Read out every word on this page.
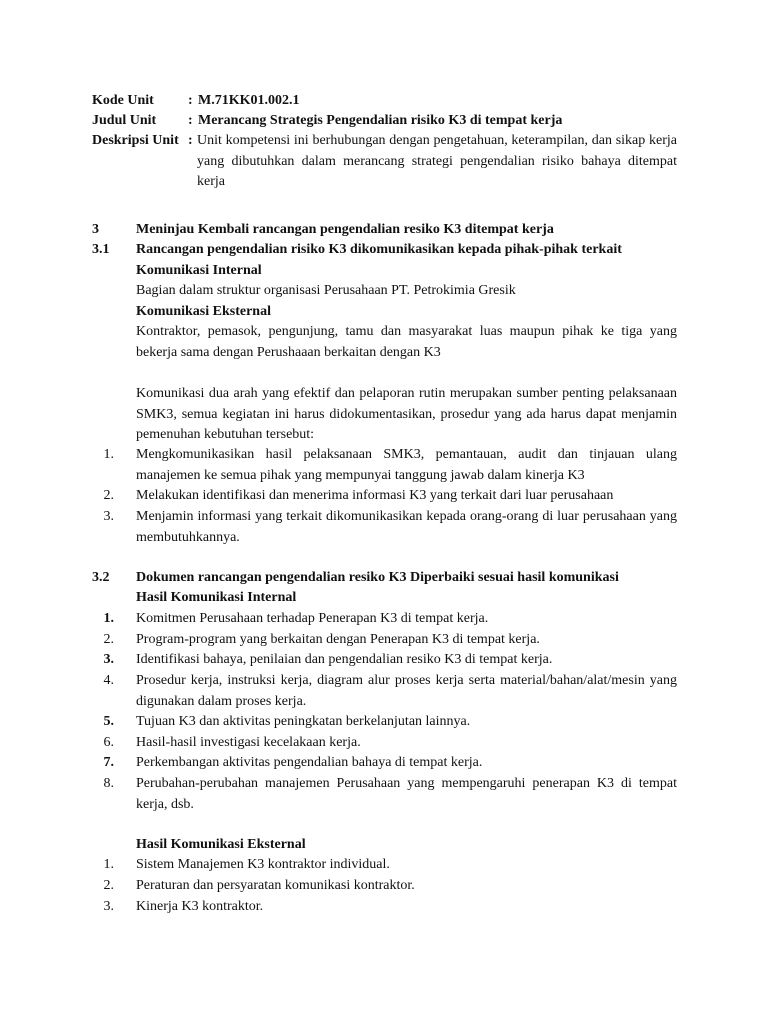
Kode Unit : M.71KK01.002.1
Judul Unit : Merancang Strategis Pengendalian risiko K3 di tempat kerja
Deskripsi Unit : Unit kompetensi ini berhubungan dengan pengetahuan, keterampilan, dan sikap kerja yang dibutuhkan dalam merancang strategi pengendalian risiko bahaya ditempat kerja
3	Meninjau Kembali rancangan pengendalian resiko K3 ditempat kerja
3.1 Rancangan pengendalian risiko K3 dikomunikasikan kepada pihak-pihak terkait
Komunikasi Internal
Bagian dalam struktur organisasi Perusahaan PT. Petrokimia Gresik
Komunikasi Eksternal
Kontraktor, pemasok, pengunjung, tamu dan masyarakat luas maupun pihak ke tiga yang bekerja sama dengan Perushaaan berkaitan dengan K3
Komunikasi dua arah yang efektif dan pelaporan rutin merupakan sumber penting pelaksanaan SMK3, semua kegiatan ini harus didokumentasikan, prosedur yang ada harus dapat menjamin pemenuhan kebutuhan tersebut:
1. Mengkomunikasikan hasil pelaksanaan SMK3, pemantauan, audit dan tinjauan ulang manajemen ke semua pihak yang mempunyai tanggung jawab dalam kinerja K3
2. Melakukan identifikasi dan menerima informasi K3 yang terkait dari luar perusahaan
3. Menjamin informasi yang terkait dikomunikasikan kepada orang-orang di luar perusahaan yang membutuhkannya.
3.2 Dokumen rancangan pengendalian resiko K3 Diperbaiki sesuai hasil komunikasi
Hasil Komunikasi Internal
1. Komitmen Perusahaan terhadap Penerapan K3 di tempat kerja.
2. Program-program yang berkaitan dengan Penerapan K3 di tempat kerja.
3. Identifikasi bahaya, penilaian dan pengendalian resiko K3 di tempat kerja.
4. Prosedur kerja, instruksi kerja, diagram alur proses kerja serta material/bahan/alat/mesin yang digunakan dalam proses kerja.
5. Tujuan K3 dan aktivitas peningkatan berkelanjutan lainnya.
6. Hasil-hasil investigasi kecelakaan kerja.
7. Perkembangan aktivitas pengendalian bahaya di tempat kerja.
8. Perubahan-perubahan manajemen Perusahaan yang mempengaruhi penerapan K3 di tempat kerja, dsb.
Hasil Komunikasi Eksternal
1. Sistem Manajemen K3 kontraktor individual.
2. Peraturan dan persyaratan komunikasi kontraktor.
3. Kinerja K3 kontraktor.
